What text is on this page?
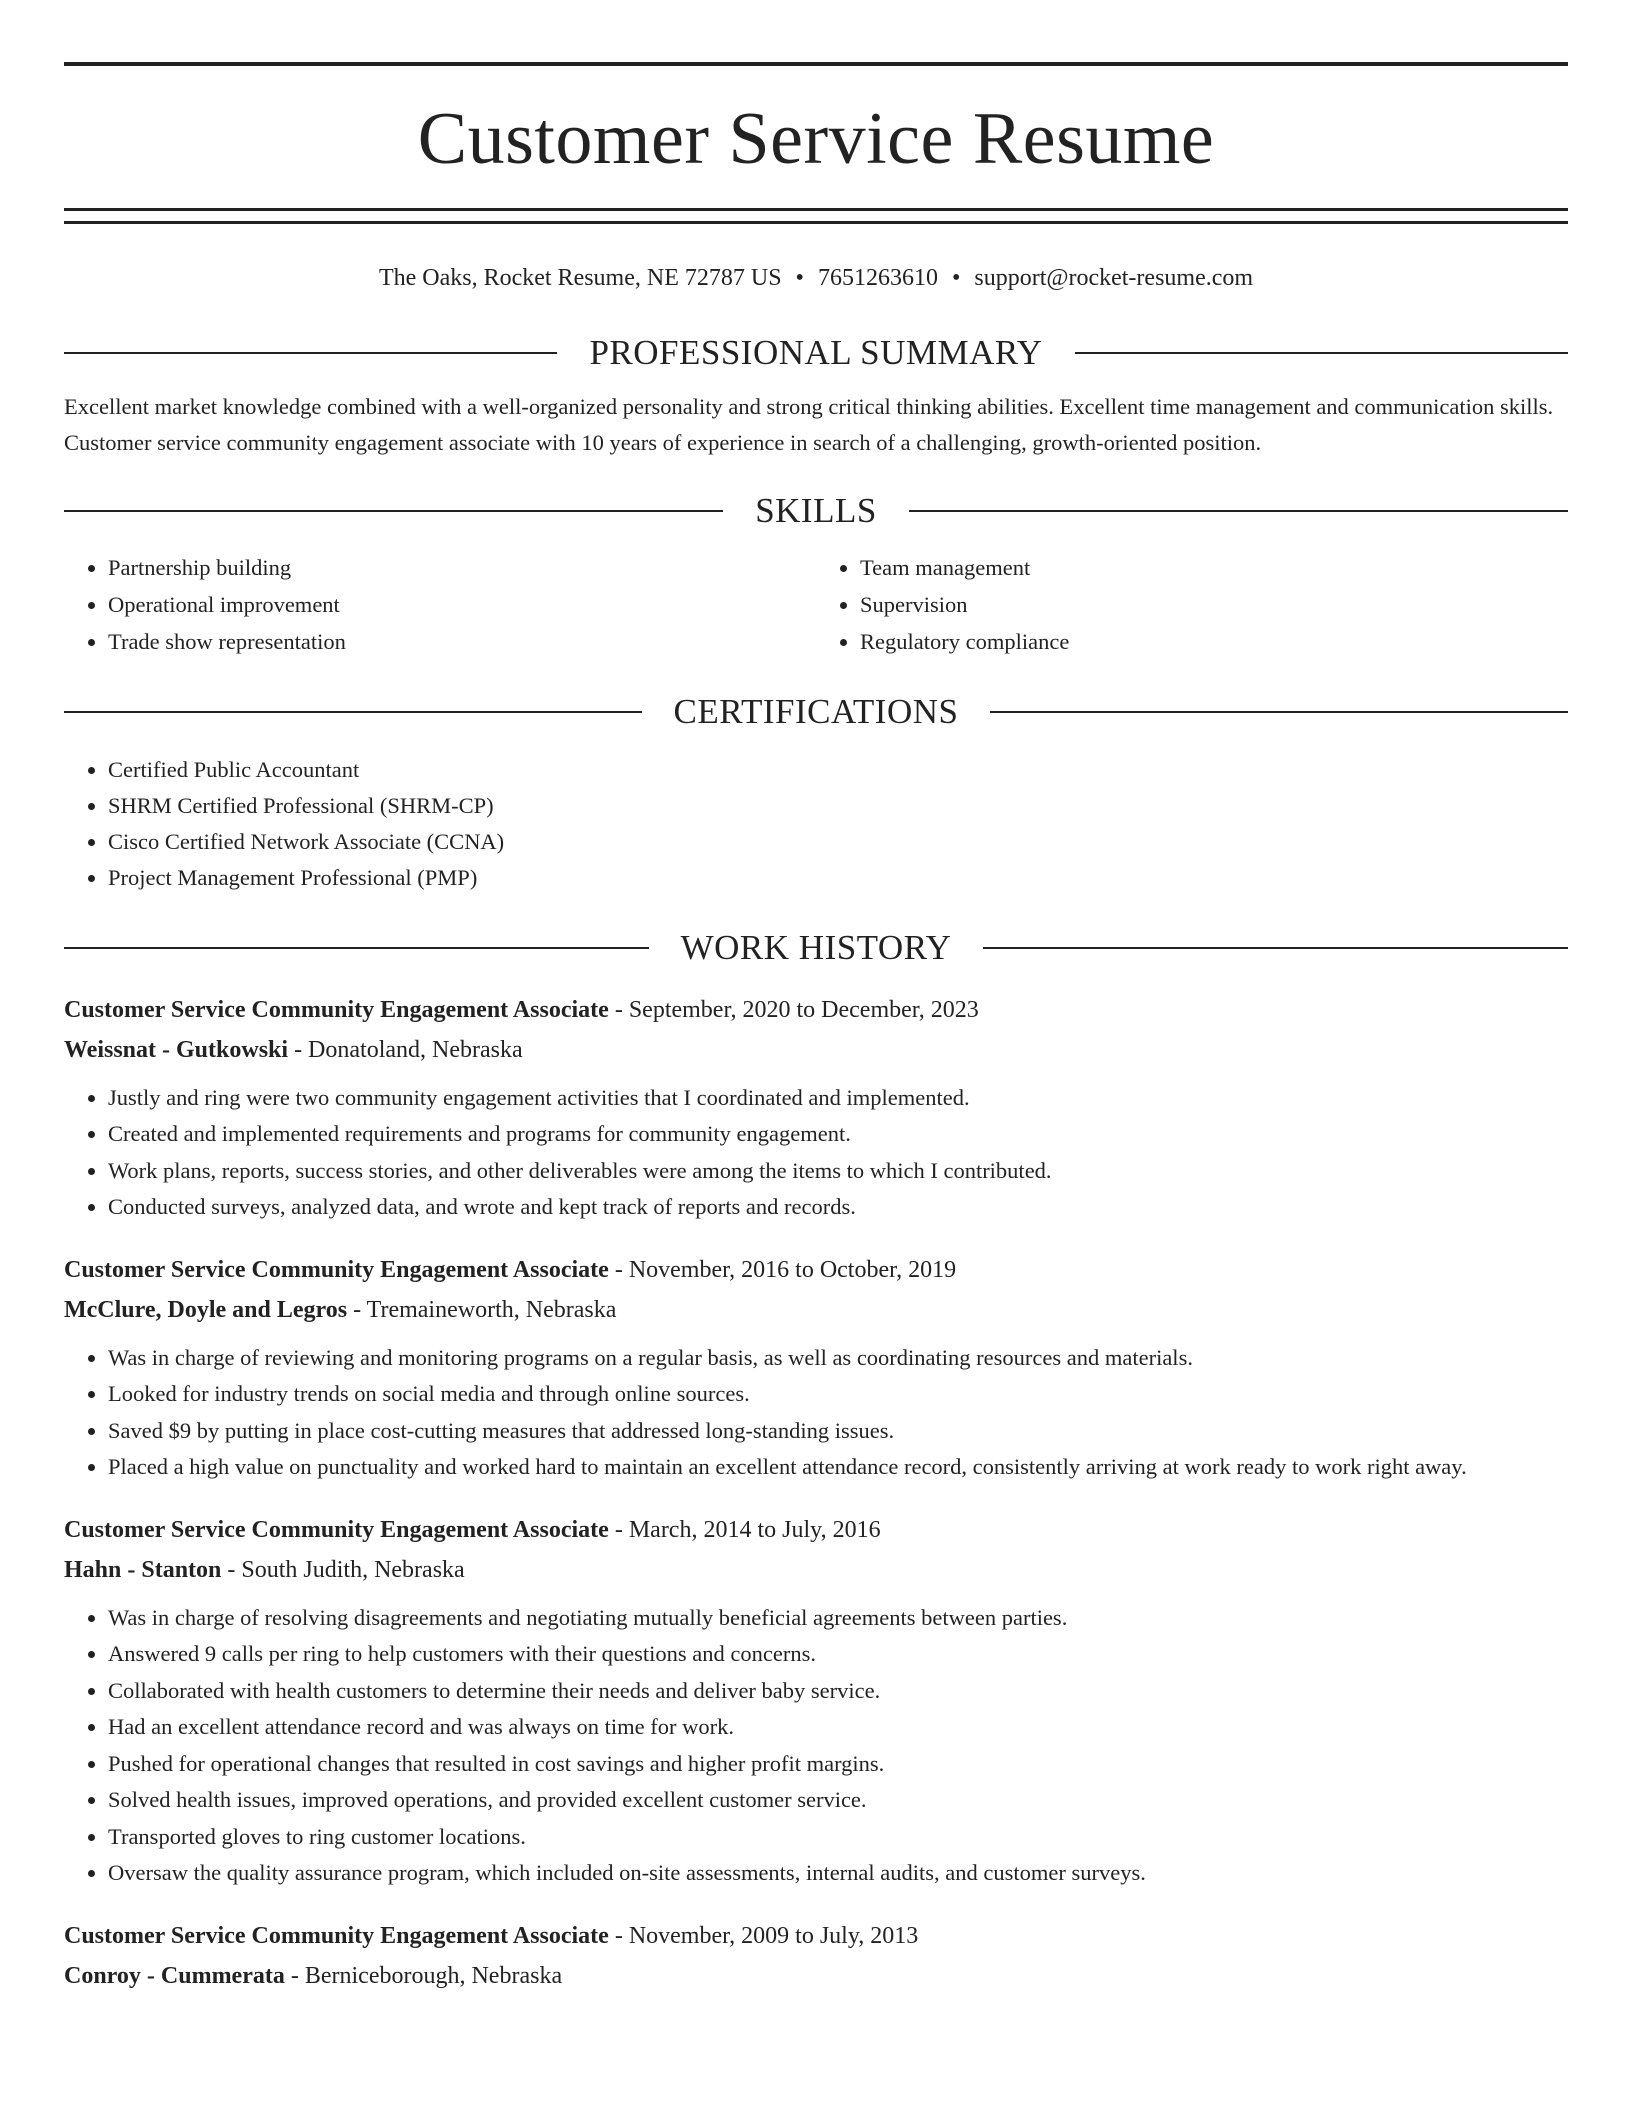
Customer Service Resume
The Oaks, Rocket Resume, NE 72787 US • 7651263610 • support@rocket-resume.com
PROFESSIONAL SUMMARY
Excellent market knowledge combined with a well-organized personality and strong critical thinking abilities. Excellent time management and communication skills. Customer service community engagement associate with 10 years of experience in search of a challenging, growth-oriented position.
SKILLS
• Partnership building
• Operational improvement
• Trade show representation
• Team management
• Supervision
• Regulatory compliance
CERTIFICATIONS
• Certified Public Accountant
• SHRM Certified Professional (SHRM-CP)
• Cisco Certified Network Associate (CCNA)
• Project Management Professional (PMP)
WORK HISTORY
Customer Service Community Engagement Associate - September, 2020 to December, 2023
Weissnat - Gutkowski - Donatoland, Nebraska
• Justly and ring were two community engagement activities that I coordinated and implemented.
• Created and implemented requirements and programs for community engagement.
• Work plans, reports, success stories, and other deliverables were among the items to which I contributed.
• Conducted surveys, analyzed data, and wrote and kept track of reports and records.
Customer Service Community Engagement Associate - November, 2016 to October, 2019
McClure, Doyle and Legros - Tremaineworth, Nebraska
• Was in charge of reviewing and monitoring programs on a regular basis, as well as coordinating resources and materials.
• Looked for industry trends on social media and through online sources.
• Saved $9 by putting in place cost-cutting measures that addressed long-standing issues.
• Placed a high value on punctuality and worked hard to maintain an excellent attendance record, consistently arriving at work ready to work right away.
Customer Service Community Engagement Associate - March, 2014 to July, 2016
Hahn - Stanton - South Judith, Nebraska
• Was in charge of resolving disagreements and negotiating mutually beneficial agreements between parties.
• Answered 9 calls per ring to help customers with their questions and concerns.
• Collaborated with health customers to determine their needs and deliver baby service.
• Had an excellent attendance record and was always on time for work.
• Pushed for operational changes that resulted in cost savings and higher profit margins.
• Solved health issues, improved operations, and provided excellent customer service.
• Transported gloves to ring customer locations.
• Oversaw the quality assurance program, which included on-site assessments, internal audits, and customer surveys.
Customer Service Community Engagement Associate - November, 2009 to July, 2013
Conroy - Cummerata - Berniceborough, Nebraska
